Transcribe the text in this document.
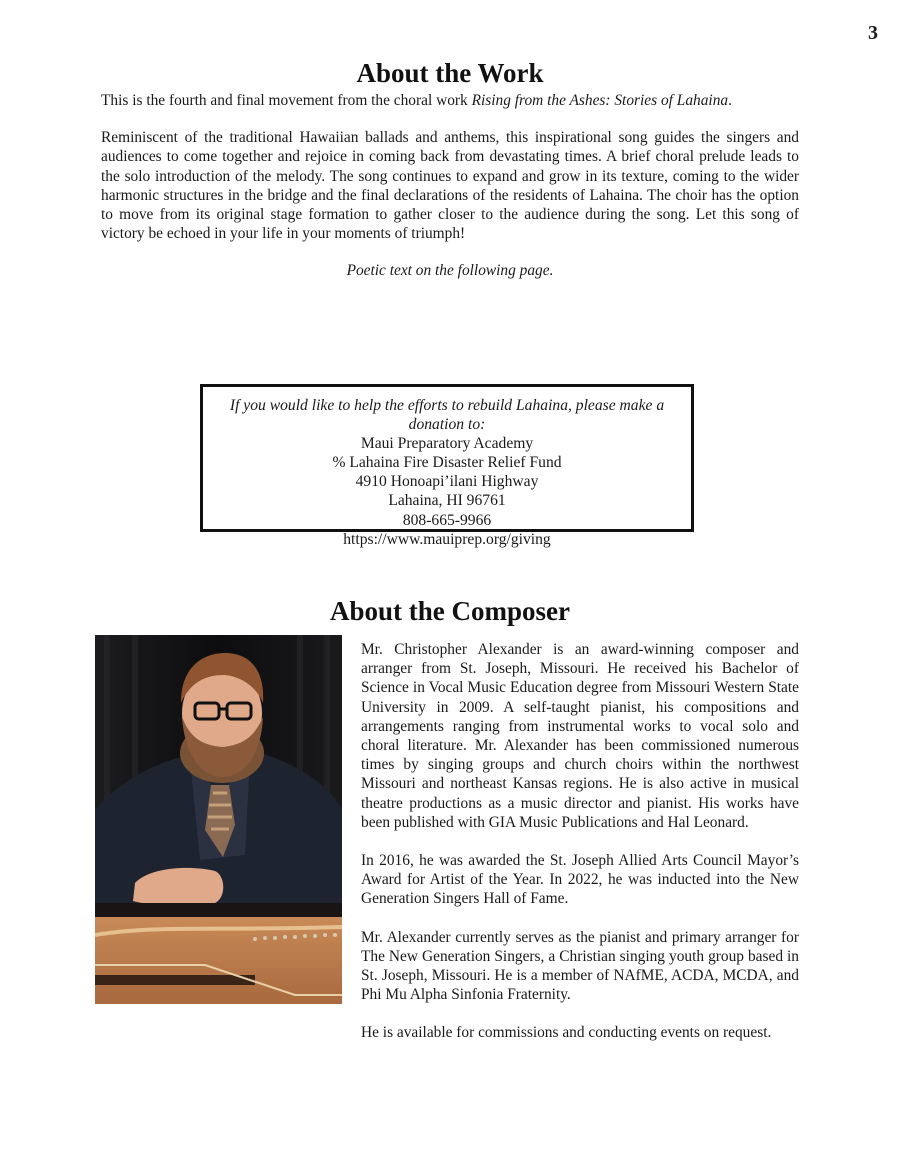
3
About the Work

This is the fourth and final movement from the choral work Rising from the Ashes: Stories of Lahaina.

Reminiscent of the traditional Hawaiian ballads and anthems, this inspirational song guides the singers and audiences to come together and rejoice in coming back from devastating times. A brief choral prelude leads to the solo introduction of the melody. The song continues to expand and grow in its texture, coming to the wider harmonic structures in the bridge and the final declarations of the residents of Lahaina. The choir has the option to move from its original stage formation to gather closer to the audience during the song. Let this song of victory be echoed in your life in your moments of triumph!

Poetic text on the following page.
If you would like to help the efforts to rebuild Lahaina, please make a donation to:
Maui Preparatory Academy
% Lahaina Fire Disaster Relief Fund
4910 Honoapi’ilani Highway
Lahaina, HI 96761
808-665-9966
https://www.mauiprep.org/giving
About the Composer

Mr. Christopher Alexander is an award-winning composer and arranger from St. Joseph, Missouri. He received his Bachelor of Science in Vocal Music Education degree from Missouri Western State University in 2009. A self-taught pianist, his compositions and arrangements ranging from instrumental works to vocal solo and choral literature. Mr. Alexander has been commissioned numerous times by singing groups and church choirs within the northwest Missouri and northeast Kansas regions. He is also active in musical theatre productions as a music director and pianist. His works have been published with GIA Music Publications and Hal Leonard.

In 2016, he was awarded the St. Joseph Allied Arts Council Mayor’s Award for Artist of the Year. In 2022, he was inducted into the New Generation Singers Hall of Fame.

Mr. Alexander currently serves as the pianist and primary arranger for The New Generation Singers, a Christian singing youth group based in St. Joseph, Missouri. He is a member of NAfME, ACDA, MCDA, and Phi Mu Alpha Sinfonia Fraternity.

He is available for commissions and conducting events on request.
